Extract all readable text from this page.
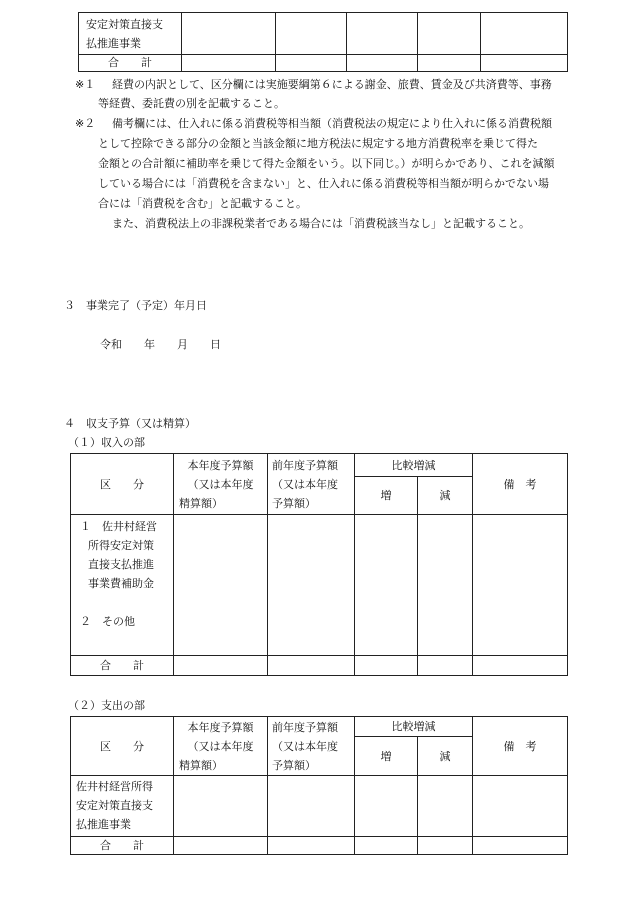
安定対策直接支
払推進事業					

合　　計					
※１ 経費の内訳として、区分欄には実施要綱第６による謝金、旅費、賃金及び共済費等、事務
等経費、委託費の別を記載すること。
※２ 備考欄には、仕入れに係る消費税等相当額（消費税法の規定により仕入れに係る消費税額
として控除できる部分の金額と当該金額に地方税法に規定する地方消費税率を乗じて得た
金額との合計額に補助率を乗じて得た金額をいう。以下同じ。）が明らかであり、これを減額
している場合には「消費税を含まない」と、仕入れに係る消費税等相当額が明らかでない場
合には「消費税を含む」と記載すること。
また、消費税法上の非課税業者である場合には「消費税該当なし」と記載すること。
３　事業完了（予定）年月日
令和　　年　　月　　日
４　収支予算（又は精算）
（１）収入の部
区　　分	本年度予算額
（又は本年度
精算額）	前年度予算額
（又は本年度
予算額）	比較増減		備　考
			増	減	

１　佐井村経営
所得安定対策
直接支払推進
事業費補助金
２　その他					

合　　計					
（２）支出の部
区　　分	本年度予算額
（又は本年度
精算額）	前年度予算額
（又は本年度
予算額）	比較増減		備　考
			増	減	

佐井村経営所得
安定対策直接支
払推進事業					

合　　計					
